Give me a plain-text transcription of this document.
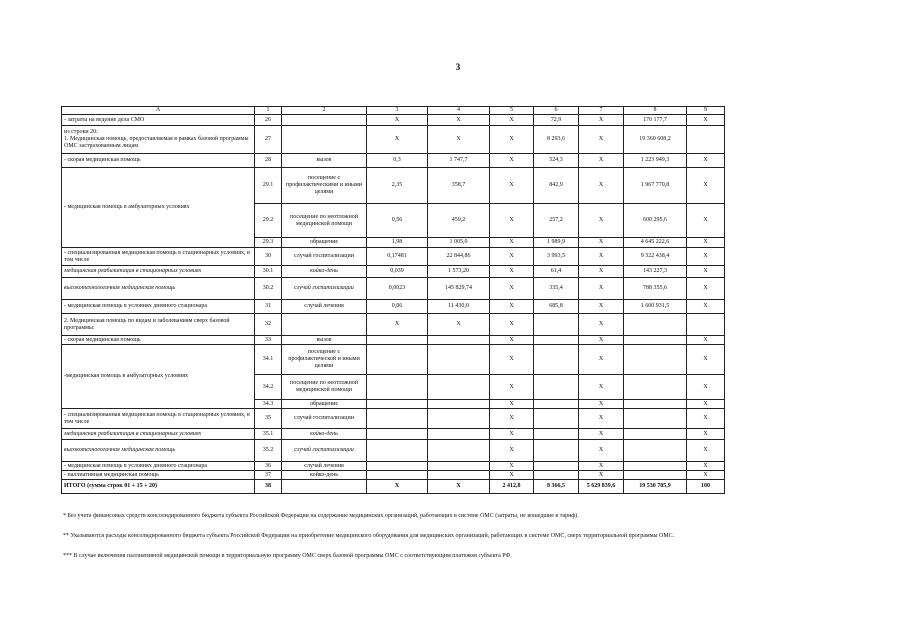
3
А	1	2	3	4	5	6	7	8	9
- затраты на ведение дела СМО	26		Х	Х	Х	72,9	Х	170 177,7	Х
из строки 20:
1. Медицинская помощь, предоставляемая в рамках базовой программы ОМС застрахованным лицам	27		Х	Х	Х	8 293,6	Х	19 360 608,2	
- скорая медицинская помощь	28	вызов	0,3	1 747,7	Х	524,3	Х	1 223 949,3	Х
- медицинская помощь в амбулаторных условиях	29.1	посещение с профилактическими и иными целями	2,35	358,7	Х	842,9	Х	1 967 770,8	Х
	29.2	посещение по неотложной медицинской помощи	0,56	459,2	Х	257,2	Х	600 295,6	Х
	29.3	обращение	1,98	1 005,0	Х	1 989,9	Х	4 645 222,6	Х
- специализированная медицинская помощь в стационарных условиях, в том числе	30	случай госпитализации	0,17481	22 844,86	Х	3 993,5	Х	9 322 438,4	Х
медицинская реабилитация в стационарных условиях	30.1	койко-день	0,039	1 573,20	Х	61,4	Х	143 227,3	Х
высокотехнологичная медицинская помощь	30.2	случай госпитализации	0,0023	145 829,74	Х	335,4	Х	788 355,6	Х
- медицинская помощь в условиях дневного стационара	31	случай лечения	0,06	11 430,0	Х	685,8	Х	1 600 931,5	Х
2. Медицинская помощь по видам и заболеваниям сверх базовой программы:	32		Х	Х	Х		Х		
- скорая медицинская помощь	33	вызов			Х		Х		Х
-медицинская помощь в амбулаторных условиях	34.1	посещение с профилактической и иными целями			Х		Х		Х
	34.2	посещение по неотложной медицинской помощи			Х		Х		Х
	34.3	обращение			Х		Х		Х
- специализированная медицинская помощь в стационарных условиях, в том числе	35	случай госпитализации			Х		Х		Х
медицинская реабилитация в стационарных условиях	35.1	койко-день			Х		Х		Х
высокотехнологичная медицинская помощь	35.2	случай госпитализации			Х		Х		Х
- медицинская помощь в условиях дневного стационара	36	случай лечения			Х		Х		Х
- паллиативная медицинская помощь	37	койко-день			Х		Х		Х
ИТОГО (сумма строк 01 + 15 + 20)	38		Х	Х	2 412,8	8 366,5	5 629 839,6	19 530 785,9	100
* Без учета финансовых средств консолидированного бюджета субъекта Российской Федерации на содержание медицинских организаций, работающих в системе ОМС (затраты, не вошедшие в тариф).
** Указываются расходы консолидированного бюджета субъекта Российской Федерации на приобретение медицинского оборудования для медицинских организаций, работающих в системе ОМС, сверх территориальной программы ОМС.
*** В случае включения паллиативной медицинской помощи в территориальную программу ОМС сверх базовой программы ОМС с соответствующим платежом субъекта РФ.
